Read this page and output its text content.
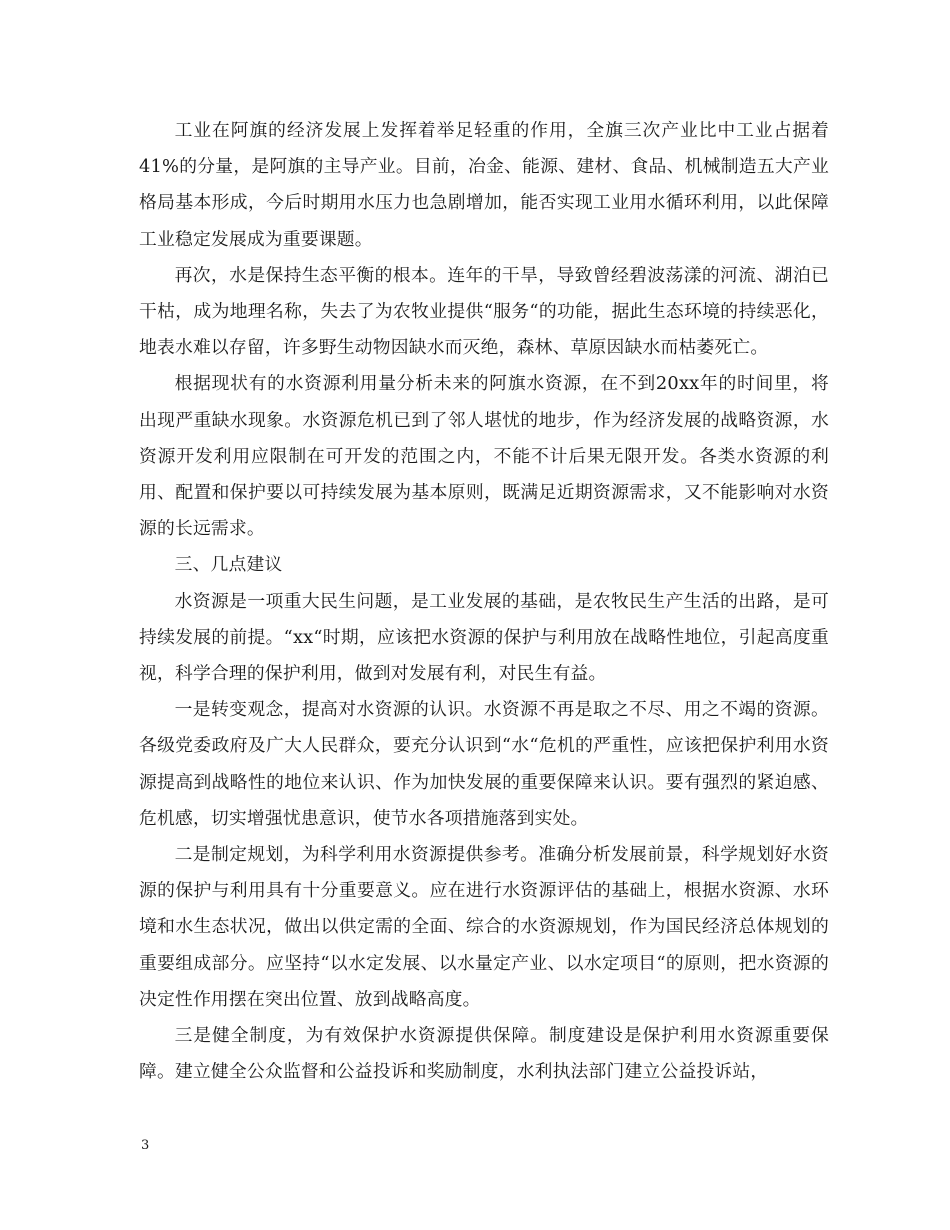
工业在阿旗的经济发展上发挥着举足轻重的作用，全旗三次产业比中工业占据着41%的分量，是阿旗的主导产业。目前，冶金、能源、建材、食品、机械制造五大产业格局基本形成，今后时期用水压力也急剧增加，能否实现工业用水循环利用，以此保障工业稳定发展成为重要课题。

再次，水是保持生态平衡的根本。连年的干旱，导致曾经碧波荡漾的河流、湖泊已干枯，成为地理名称，失去了为农牧业提供“服务“的功能，据此生态环境的持续恶化，地表水难以存留，许多野生动物因缺水而灭绝，森林、草原因缺水而枯萎死亡。

根据现状有的水资源利用量分析未来的阿旗水资源，在不到20xx年的时间里，将出现严重缺水现象。水资源危机已到了邻人堪忧的地步，作为经济发展的战略资源，水资源开发利用应限制在可开发的范围之内，不能不计后果无限开发。各类水资源的利用、配置和保护要以可持续发展为基本原则，既满足近期资源需求，又不能影响对水资源的长远需求。

三、几点建议

水资源是一项重大民生问题，是工业发展的基础，是农牧民生产生活的出路，是可持续发展的前提。“xx“时期，应该把水资源的保护与利用放在战略性地位，引起高度重视，科学合理的保护利用，做到对发展有利，对民生有益。

一是转变观念，提高对水资源的认识。水资源不再是取之不尽、用之不竭的资源。各级党委政府及广大人民群众，要充分认识到“水“危机的严重性，应该把保护利用水资源提高到战略性的地位来认识、作为加快发展的重要保障来认识。要有强烈的紧迫感、危机感，切实增强忧患意识，使节水各项措施落到实处。

二是制定规划，为科学利用水资源提供参考。准确分析发展前景，科学规划好水资源的保护与利用具有十分重要意义。应在进行水资源评估的基础上，根据水资源、水环境和水生态状况，做出以供定需的全面、综合的水资源规划，作为国民经济总体规划的重要组成部分。应坚持“以水定发展、以水量定产业、以水定项目“的原则，把水资源的决定性作用摆在突出位置、放到战略高度。

三是健全制度，为有效保护水资源提供保障。制度建设是保护利用水资源重要保障。建立健全公众监督和公益投诉和奖励制度，水利执法部门建立公益投诉站，

3
